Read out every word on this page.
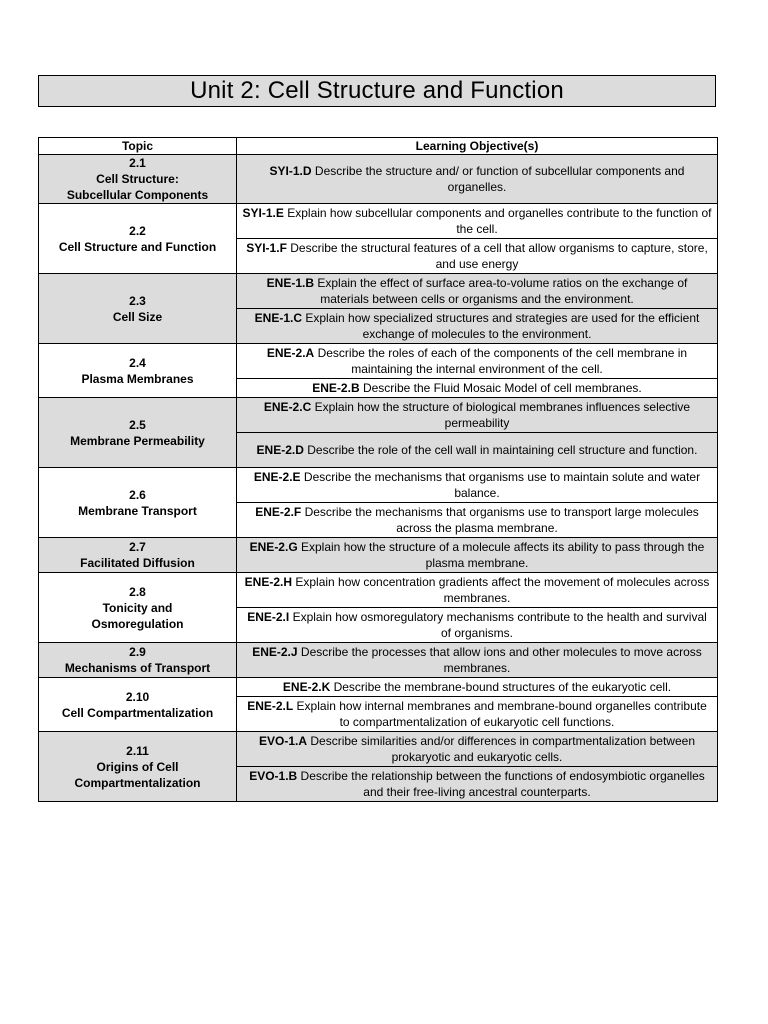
Unit 2: Cell Structure and Function
Topic	Learning Objective(s)

2.1
Cell Structure:
Subcellular Components	SYI-1.D Describe the structure and/ or function of subcellular components and organelles.

2.2
Cell Structure and Function	SYI-1.E Explain how subcellular components and organelles contribute to the function of the cell.
	SYI-1.F Describe the structural features of a cell that allow organisms to capture, store, and use energy

2.3
Cell Size	ENE-1.B Explain the effect of surface area-to-volume ratios on the exchange of materials between cells or organisms and the environment.
	ENE-1.C Explain how specialized structures and strategies are used for the efficient exchange of molecules to the environment.

2.4
Plasma Membranes	ENE-2.A Describe the roles of each of the components of the cell membrane in maintaining the internal environment of the cell.
	ENE-2.B Describe the Fluid Mosaic Model of cell membranes.

2.5
Membrane Permeability	ENE-2.C Explain how the structure of biological membranes influences selective permeability
	ENE-2.D Describe the role of the cell wall in maintaining cell structure and function.

2.6
Membrane Transport	ENE-2.E Describe the mechanisms that organisms use to maintain solute and water balance.
	ENE-2.F Describe the mechanisms that organisms use to transport large molecules across the plasma membrane.

2.7
Facilitated Diffusion	ENE-2.G Explain how the structure of a molecule affects its ability to pass through the plasma membrane.

2.8
Tonicity and
Osmoregulation	ENE-2.H Explain how concentration gradients affect the movement of molecules across membranes.
	ENE-2.I Explain how osmoregulatory mechanisms contribute to the health and survival of organisms.

2.9
Mechanisms of Transport	ENE-2.J Describe the processes that allow ions and other molecules to move across membranes.

2.10
Cell Compartmentalization	ENE-2.K Describe the membrane-bound structures of the eukaryotic cell.
	ENE-2.L Explain how internal membranes and membrane-bound organelles contribute to compartmentalization of eukaryotic cell functions.

2.11
Origins of Cell
Compartmentalization	EVO-1.A Describe similarities and/or differences in compartmentalization between prokaryotic and eukaryotic cells.
	EVO-1.B Describe the relationship between the functions of endosymbiotic organelles and their free-living ancestral counterparts.
